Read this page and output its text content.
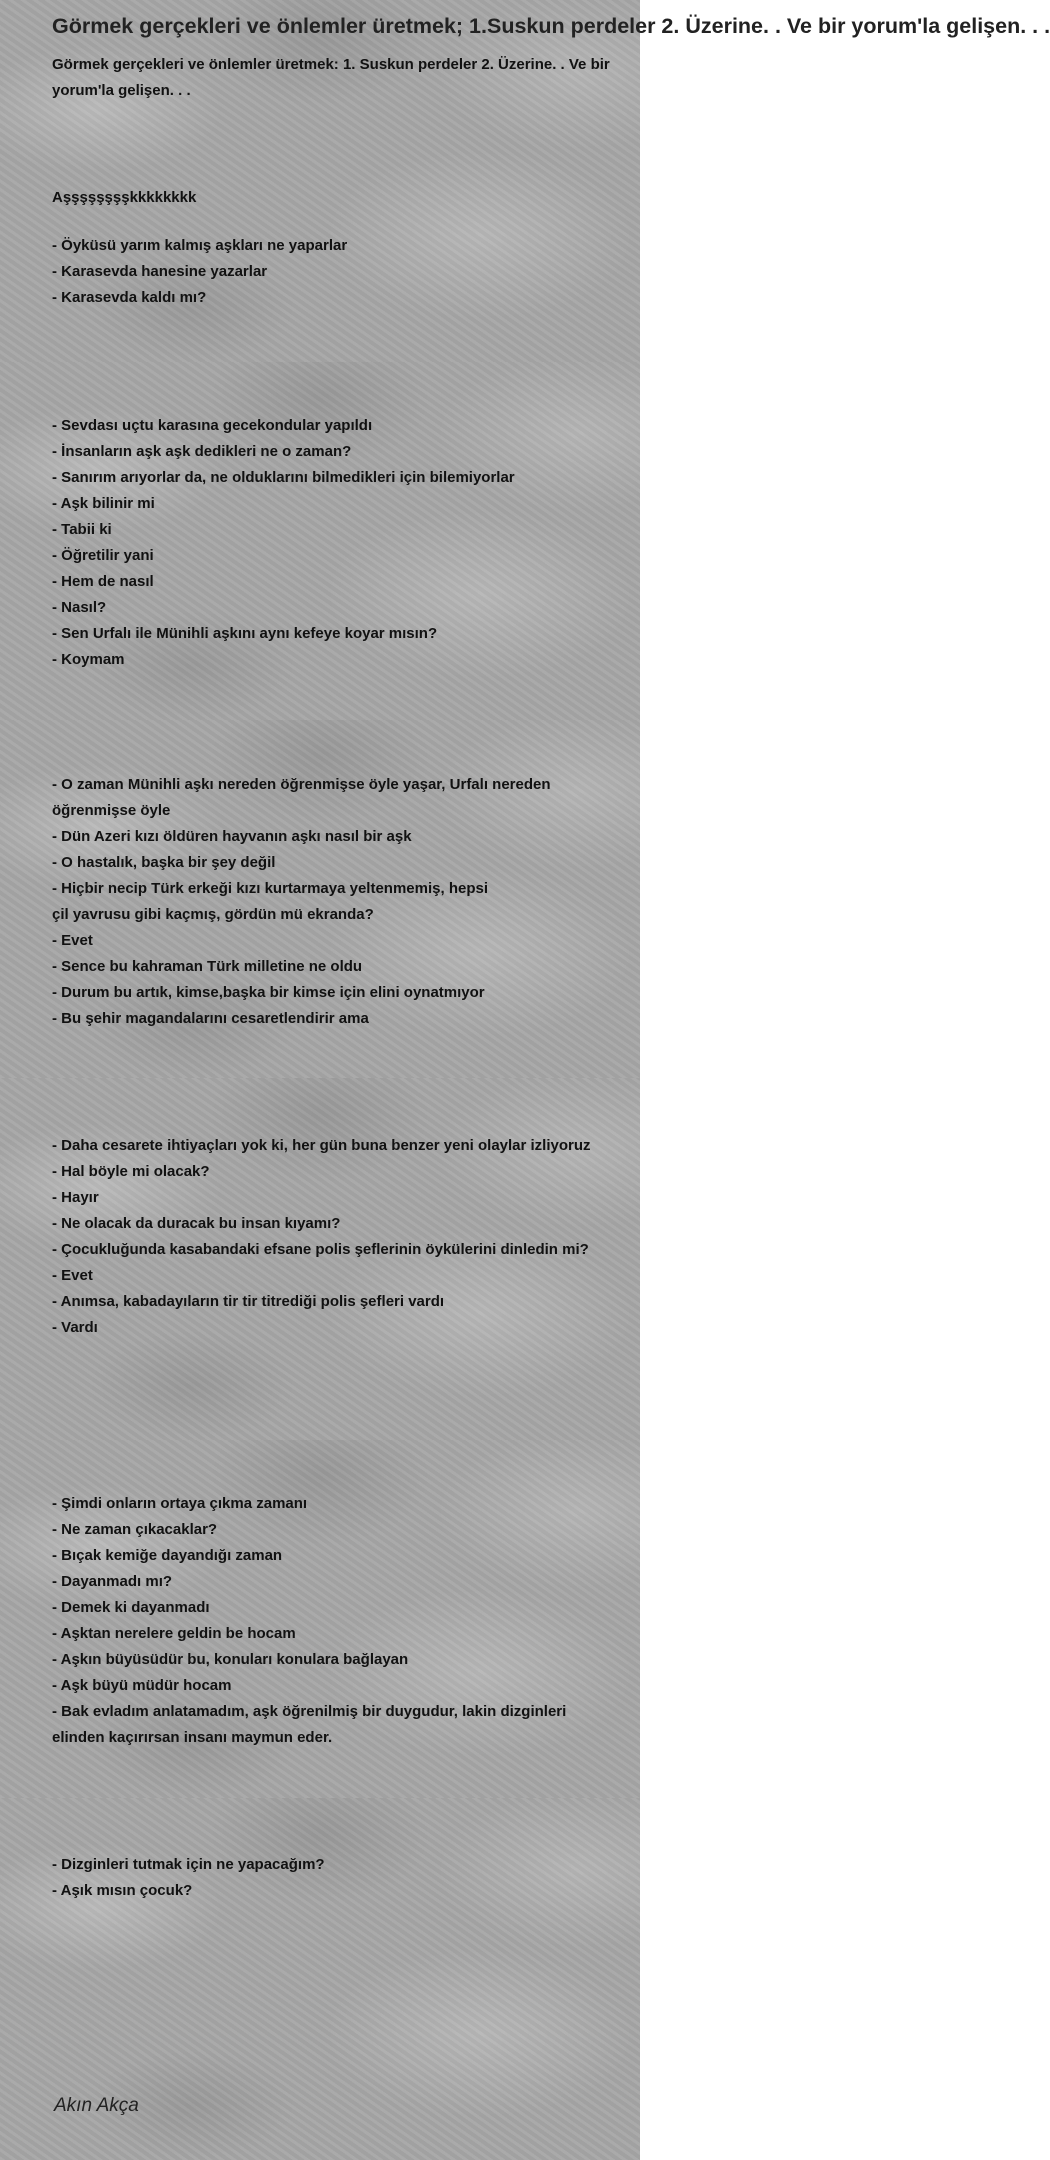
Görmek gerçekleri ve önlemler üretmek; 1.Suskun perdeler 2. Üzerine. . Ve bir yorum'la gelişen. . .

Görmek gerçekleri ve önlemler üretmek: 1. Suskun perdeler 2. Üzerine. . Ve bir yorum'la gelişen. . .

Aşşşşşşşşkkkkkkkk
- Öyküsü yarım kalmış aşkları ne yaparlar
- Karasevda hanesine yazarlar
- Karasevda kaldı mı?
- Sevdası uçtu karasına gecekondular yapıldı
- İnsanların aşk aşk dedikleri ne o zaman?
- Sanırım arıyorlar da, ne olduklarını bilmedikleri için bilemiyorlar
- Aşk bilinir mi
- Tabii ki
- Öğretilir yani
- Hem de nasıl
- Nasıl?
- Sen Urfalı ile Münihli aşkını aynı kefeye koyar mısın?
- Koymam
- O zaman Münihli aşkı nereden öğrenmişse öyle yaşar, Urfalı nereden öğrenmişse öyle
- Dün Azeri kızı öldüren hayvanın aşkı nasıl bir aşk
- O hastalık, başka bir şey değil
- Hiçbir necip Türk erkeği kızı kurtarmaya yeltenmemiş, hepsi
çil yavrusu gibi kaçmış, gördün mü ekranda?
- Evet
- Sence bu kahraman Türk milletine ne oldu
- Durum bu artık, kimse,başka bir kimse için elini oynatmıyor
- Bu şehir magandalarını cesaretlendirir ama
- Daha cesarete ihtiyaçları yok ki, her gün buna benzer yeni olaylar izliyoruz
- Hal böyle mi olacak?
- Hayır
- Ne olacak da duracak bu insan kıyamı?
- Çocukluğunda kasabandaki efsane polis şeflerinin öykülerini dinledin mi?
- Evet
- Anımsa, kabadayıların tir tir titrediği polis şefleri vardı
- Vardı
- Şimdi onların ortaya çıkma zamanı
- Ne zaman çıkacaklar?
- Bıçak kemiğe dayandığı zaman
- Dayanmadı mı?
- Demek ki dayanmadı
- Aşktan nerelere geldin be hocam
- Aşkın büyüsüdür bu, konuları konulara bağlayan
- Aşk büyü müdür hocam
- Bak evladım anlatamadım, aşk öğrenilmiş bir duygudur, lakin dizginleri elinden kaçırırsan insanı maymun eder.
- Dizginleri tutmak için ne yapacağım?
- Aşık mısın çocuk?
Akın Akça
